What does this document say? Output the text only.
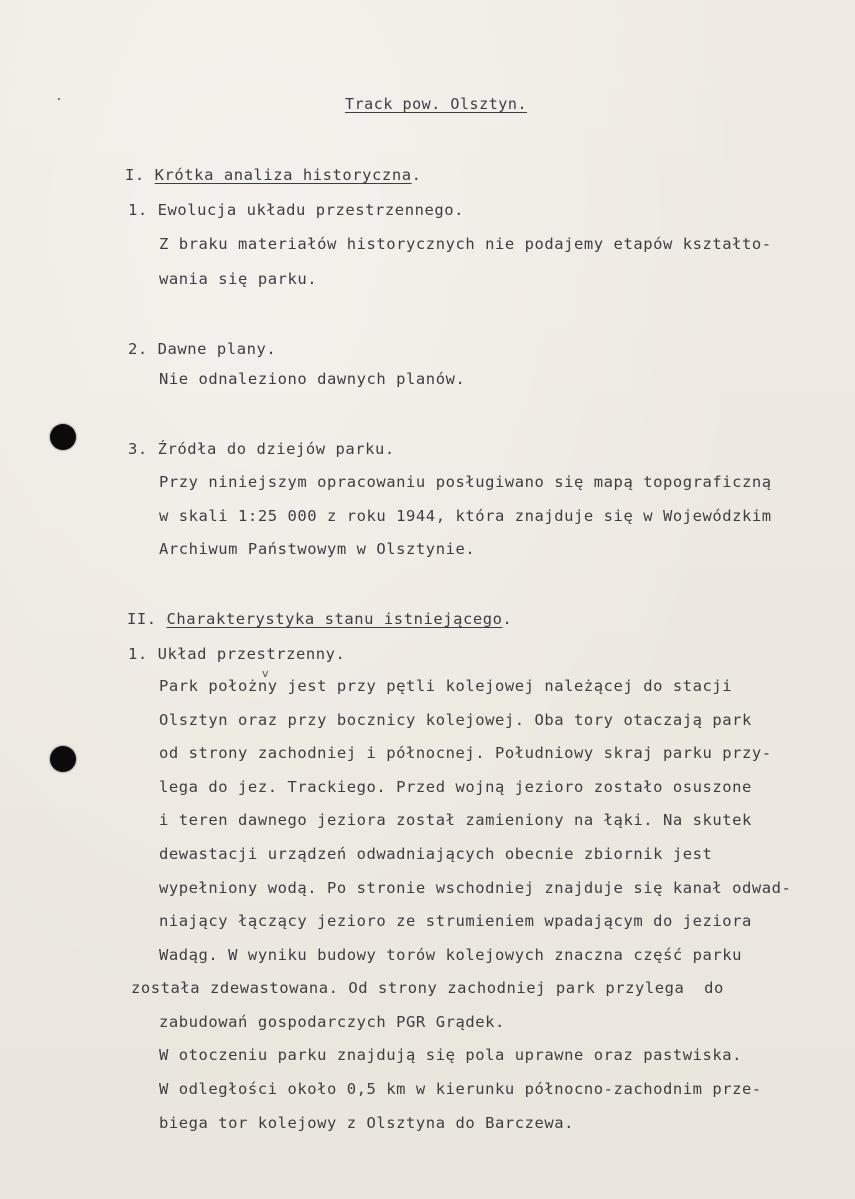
Track pow. Olsztyn.
I. Krótka analiza historyczna.
1. Ewolucja układu przestrzennego.
Z braku materiałów historycznych nie podajemy etapów kształto-
wania się parku.
2. Dawne plany.
Nie odnaleziono dawnych planów.
3. Źródła do dziejów parku.
Przy niniejszym opracowaniu posługiwano się mapą topograficzną
w skali 1:25 000 z roku 1944, która znajduje się w Wojewódzkim
Archiwum Państwowym w Olsztynie.
II. Charakterystyka stanu istniejącego.
1. Układ przestrzenny.
v
Park położny jest przy pętli kolejowej należącej do stacji
Olsztyn oraz przy bocznicy kolejowej. Oba tory otaczają park
od strony zachodniej i północnej. Południowy skraj parku przy-
lega do jez. Trackiego. Przed wojną jezioro zostało osuszone
i teren dawnego jeziora został zamieniony na łąki. Na skutek
dewastacji urządzeń odwadniających obecnie zbiornik jest
wypełniony wodą. Po stronie wschodniej znajduje się kanał odwad-
niający łączący jezioro ze strumieniem wpadającym do jeziora
Wadąg. W wyniku budowy torów kolejowych znaczna część parku
została zdewastowana. Od strony zachodniej park przylega  do
zabudowań gospodarczych PGR Grądek.
W otoczeniu parku znajdują się pola uprawne oraz pastwiska.
W odległości około 0,5 km w kierunku północno-zachodnim prze-
biega tor kolejowy z Olsztyna do Barczewa.
